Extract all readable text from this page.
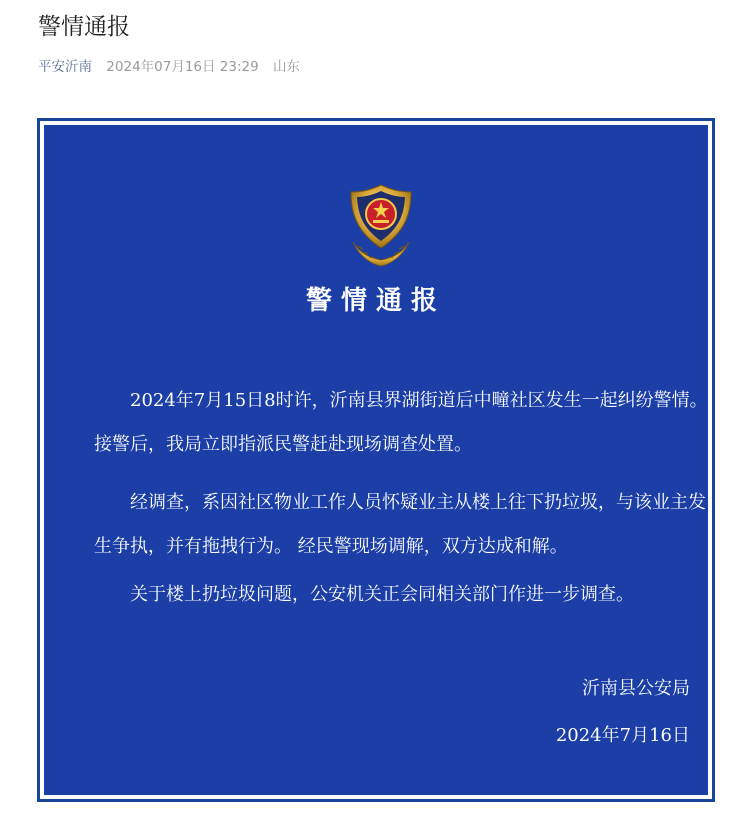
警情通报
平安沂南 2024年07月16日 23:29 山东
警情通报
2024年7月15日8时许，沂南县界湖街道后中疃社区发生一起纠纷警情。接警后，我局立即指派民警赶赴现场调查处置。
经调查，系因社区物业工作人员怀疑业主从楼上往下扔垃圾，与该业主发生争执，并有拖拽行为。 经民警现场调解，双方达成和解。
关于楼上扔垃圾问题，公安机关正会同相关部门作进一步调查。
沂南县公安局
2024年7月16日
